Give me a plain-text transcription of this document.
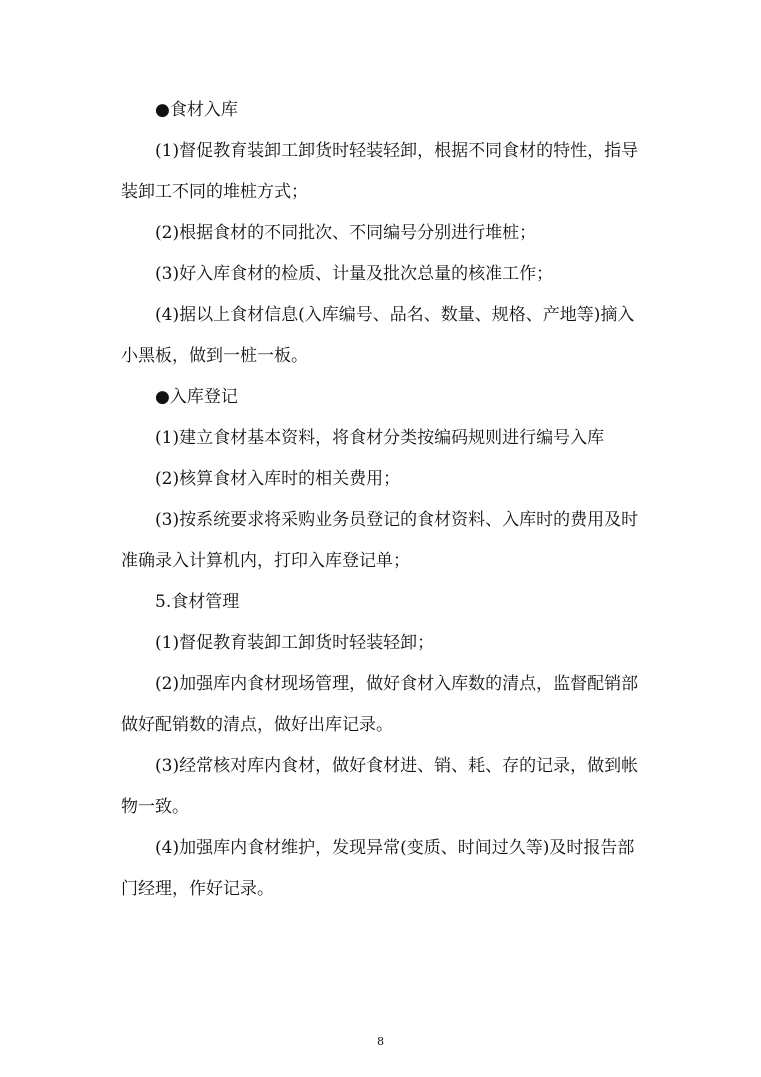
●食材入库

(1)督促教育装卸工卸货时轻装轻卸，根据不同食材的特性，指导装卸工不同的堆桩方式；

(2)根据食材的不同批次、不同编号分别进行堆桩；

(3)好入库食材的检质、计量及批次总量的核准工作；

(4)据以上食材信息(入库编号、品名、数量、规格、产地等)摘入小黑板，做到一桩一板。

●入库登记

(1)建立食材基本资料，将食材分类按编码规则进行编号入库

(2)核算食材入库时的相关费用；

(3)按系统要求将采购业务员登记的食材资料、入库时的费用及时准确录入计算机内，打印入库登记单；

5.食材管理

(1)督促教育装卸工卸货时轻装轻卸；

(2)加强库内食材现场管理，做好食材入库数的清点，监督配销部做好配销数的清点，做好出库记录。

(3)经常核对库内食材，做好食材进、销、耗、存的记录，做到帐物一致。

(4)加强库内食材维护，发现异常(变质、时间过久等)及时报告部门经理，作好记录。

8
